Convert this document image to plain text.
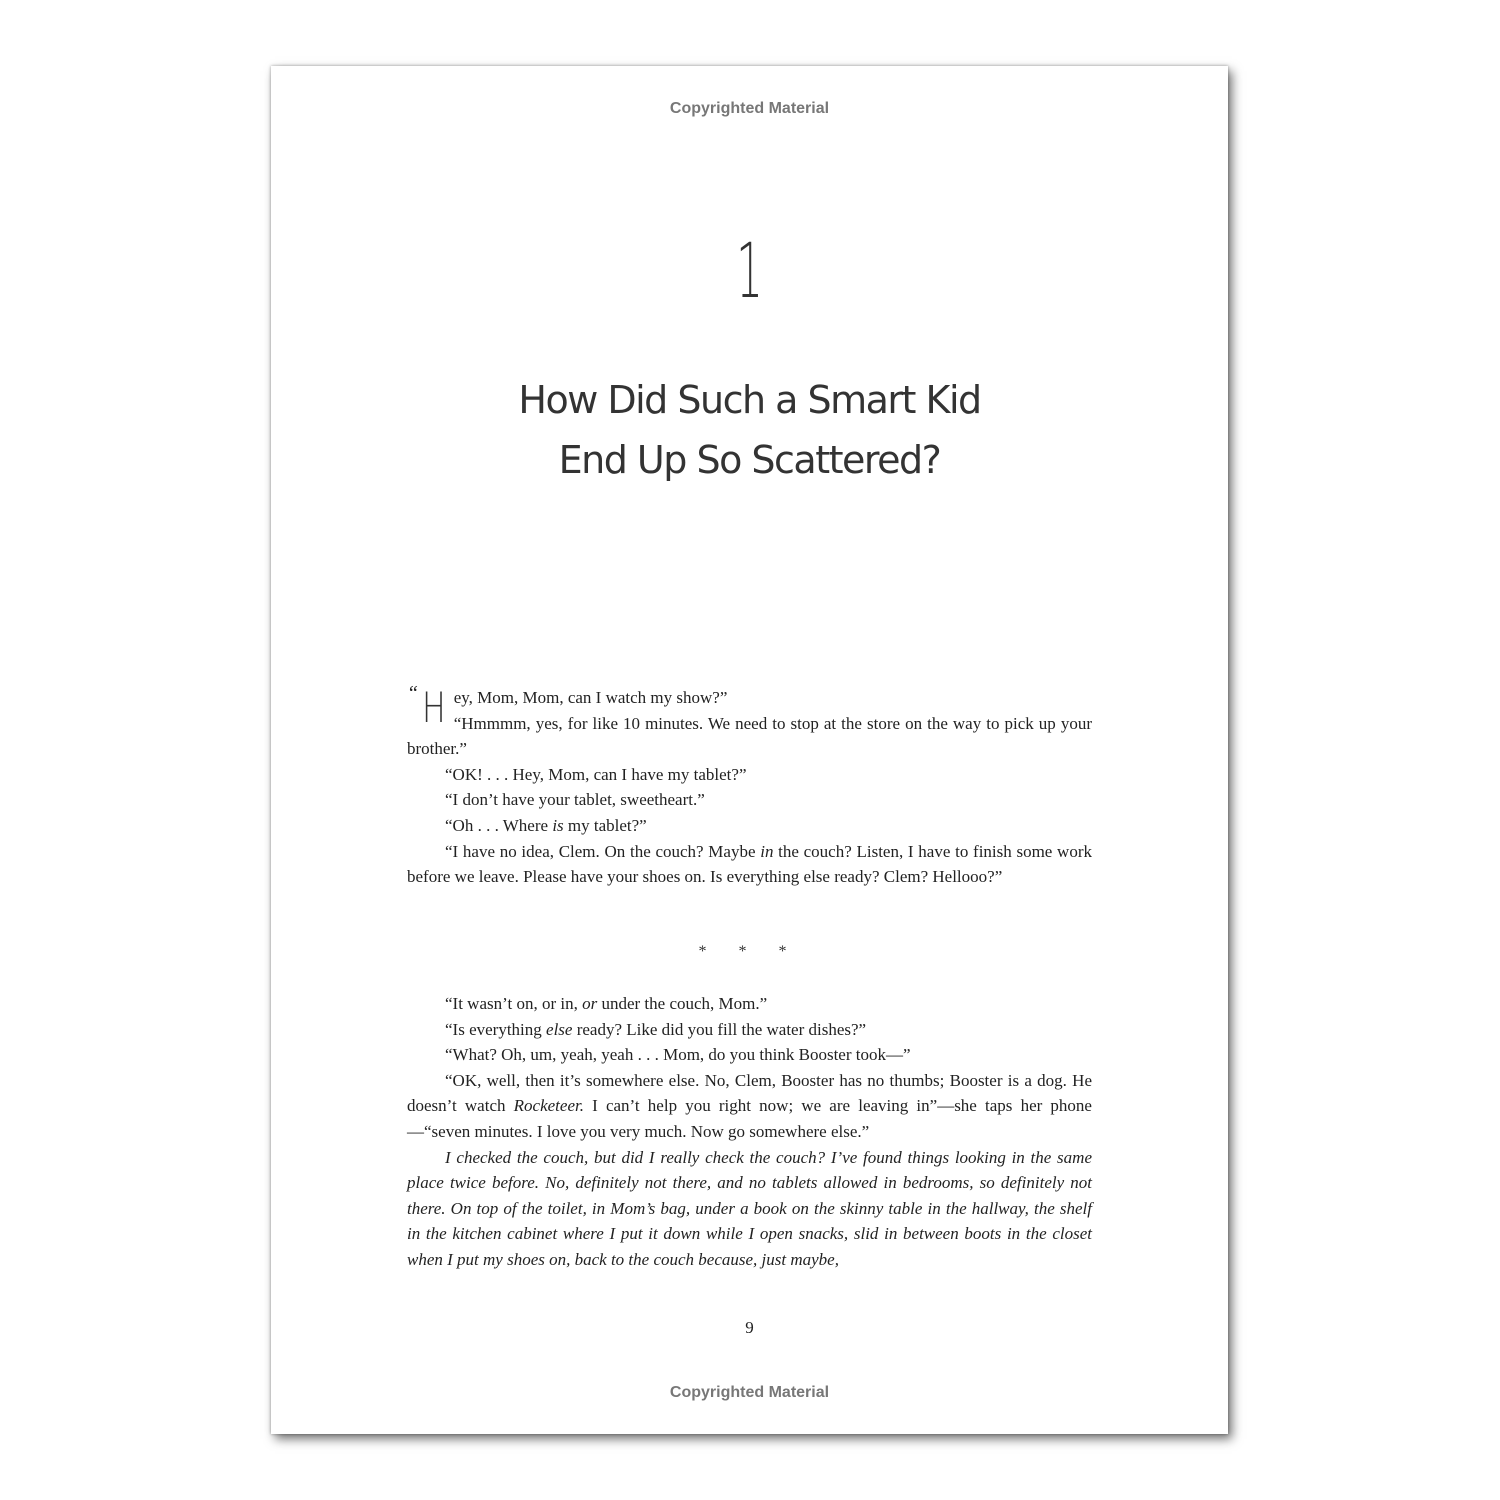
Copyrighted Material
1
How Did Such a Smart Kid
End Up So Scattered?

“ H ey, Mom, Mom, can I watch my show?”
“Hmmmm, yes, for like 10 minutes. We need to stop at the store on the way to pick up your brother.”

“OK! . . . Hey, Mom, can I have my tablet?”

“I don’t have your tablet, sweetheart.”

“Oh . . . Where is my tablet?”

“I have no idea, Clem. On the couch? Maybe in the couch? Listen, I have to finish some work before we leave. Please have your shoes on. Is everything else ready? Clem? Hellooo?”

* * *

“It wasn’t on, or in, or under the couch, Mom.”

“Is everything else ready? Like did you fill the water dishes?”

“What? Oh, um, yeah, yeah . . . Mom, do you think Booster took—”

“OK, well, then it’s somewhere else. No, Clem, Booster has no thumbs; Booster is a dog. He doesn’t watch Rocketeer. I can’t help you right now; we are leaving in”—she taps her phone—“seven minutes. I love you very much. Now go somewhere else.”

I checked the couch, but did I really check the couch? I’ve found things looking in the same place twice before. No, definitely not there, and no tablets allowed in bedrooms, so definitely not there. On top of the toilet, in Mom’s bag, under a book on the skinny table in the hallway, the shelf in the kitchen cabinet where I put it down while I open snacks, slid in between boots in the closet when I put my shoes on, back to the couch because, just maybe,

9
Copyrighted Material
